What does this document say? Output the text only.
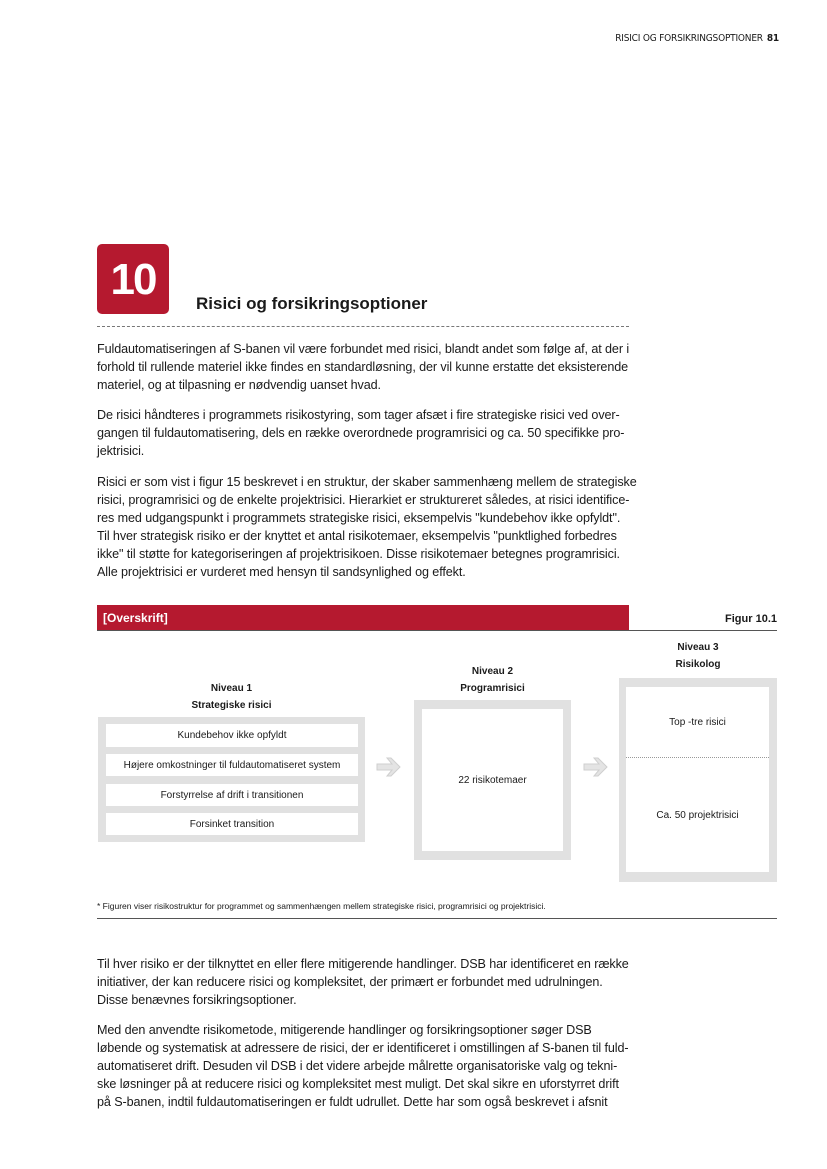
RISICI OG FORSIKRINGSOPTIONER 81
10	Risici og forsikringsoptioner
Fuldautomatiseringen af S-banen vil være forbundet med risici, blandt andet som følge af, at der i
forhold til rullende materiel ikke findes en standardløsning, der vil kunne erstatte det eksisterende
materiel, og at tilpasning er nødvendig uanset hvad.
De risici håndteres i programmets risikostyring, som tager afsæt i fire strategiske risici ved over-
gangen til fuldautomatisering, dels en række overordnede programrisici og ca. 50 specifikke pro-
jektrisici.
Risici er som vist i figur 15 beskrevet i en struktur, der skaber sammenhæng mellem de strategiske
risici, programrisici og de enkelte projektrisici. Hierarkiet er struktureret således, at risici identifice-
res med udgangspunkt i programmets strategiske risici, eksempelvis "kundebehov ikke opfyldt".
Til hver strategisk risiko er der knyttet et antal risikotemaer, eksempelvis "punktlighed forbedres
ikke" til støtte for kategoriseringen af projektrisikoen. Disse risikotemaer betegnes programrisici.
Alle projektrisici er vurderet med hensyn til sandsynlighed og effekt.
[Overskrift]	Figur 10.1
Niveau 1
Strategiske risici
Kundebehov ikke opfyldt
Højere omkostninger til fuldautomatiseret system
Forstyrrelse af drift i transitionen
Forsinket transition
Niveau 2
Programrisici
22 risikotemaer
Niveau 3
Risikolog
Top -tre risici
Ca. 50 projektrisici
* Figuren viser risikostruktur for programmet og sammenhængen mellem strategiske risici, programrisici og projektrisici.
Til hver risiko er der tilknyttet en eller flere mitigerende handlinger. DSB har identificeret en række
initiativer, der kan reducere risici og kompleksitet, der primært er forbundet med udrulningen.
Disse benævnes forsikringsoptioner.
Med den anvendte risikometode, mitigerende handlinger og forsikringsoptioner søger DSB
løbende og systematisk at adressere de risici, der er identificeret i omstillingen af S-banen til fuld-
automatiseret drift. Desuden vil DSB i det videre arbejde målrette organisatoriske valg og tekni-
ske løsninger på at reducere risici og kompleksitet mest muligt. Det skal sikre en uforstyrret drift
på S-banen, indtil fuldautomatiseringen er fuldt udrullet. Dette har som også beskrevet i afsnit
